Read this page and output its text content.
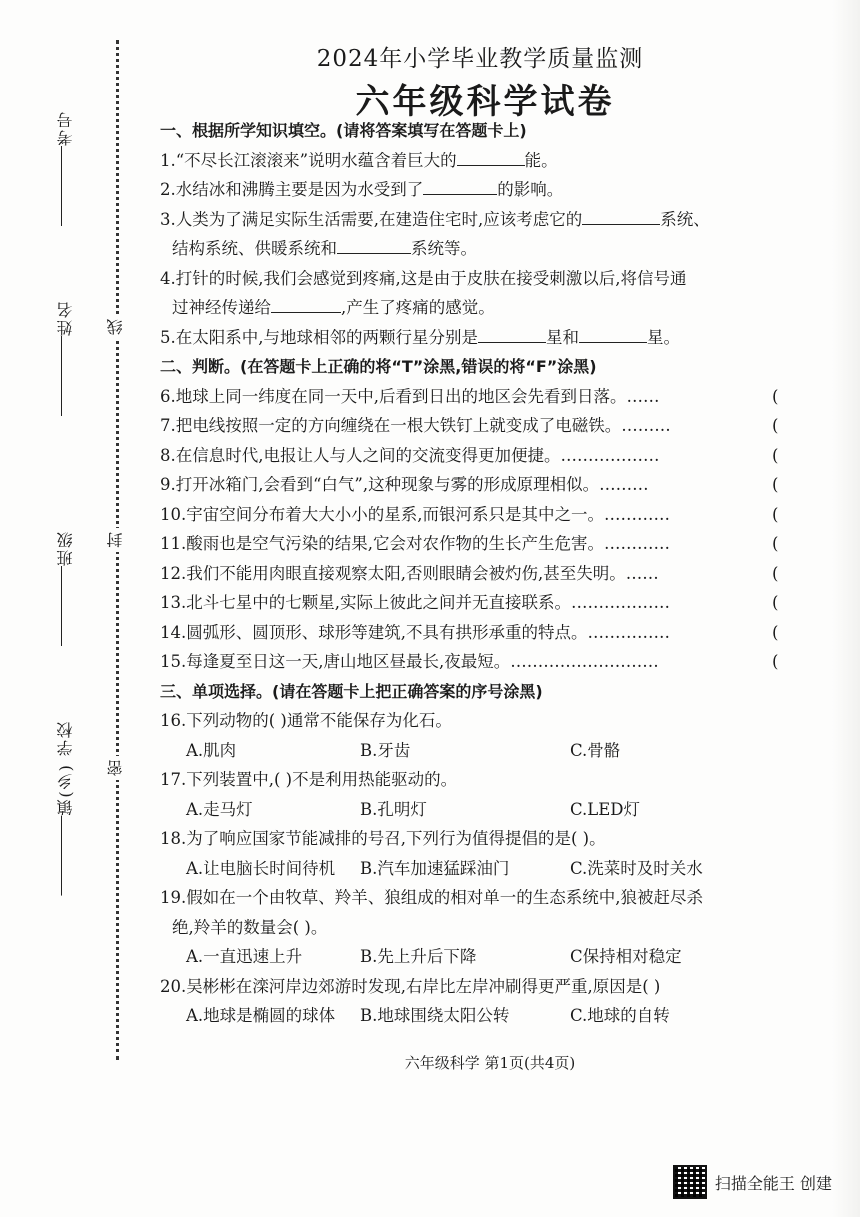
考号
姓名
班级
镇(乡) 学校
线
封
密
2024年小学毕业教学质量监测
六年级科学试卷
一、根据所学知识填空。(请将答案填写在答题卡上)
1.“不尽长江滚滚来”说明水蕴含着巨大的	能。
2.水结冰和沸腾主要是因为水受到了	的影响。
3.人类为了满足实际生活需要,在建造住宅时,应该考虑它的	系统、
结构系统、供暖系统和	系统等。
4.打针的时候,我们会感觉到疼痛,这是由于皮肤在接受刺激以后,将信号通
过神经传递给	,产生了疼痛的感觉。
5.在太阳系中,与地球相邻的两颗行星分别是	星和	星。
二、判断。(在答题卡上正确的将“T”涂黑,错误的将“F”涂黑)
6.地球上同一纬度在同一天中,后看到日出的地区会先看到日落。……	(
7.把电线按照一定的方向缠绕在一根大铁钉上就变成了电磁铁。………	(
8.在信息时代,电报让人与人之间的交流变得更加便捷。………………	(
9.打开冰箱门,会看到“白气”,这种现象与雾的形成原理相似。………	(
10.宇宙空间分布着大大小小的星系,而银河系只是其中之一。…………	(
11.酸雨也是空气污染的结果,它会对农作物的生长产生危害。…………	(
12.我们不能用肉眼直接观察太阳,否则眼睛会被灼伤,甚至失明。……	(
13.北斗七星中的七颗星,实际上彼此之间并无直接联系。………………	(
14.圆弧形、圆顶形、球形等建筑,不具有拱形承重的特点。……………	(
15.每逢夏至日这一天,唐山地区昼最长,夜最短。………………………	(
三、单项选择。(请在答题卡上把正确答案的序号涂黑)
16.下列动物的( )通常不能保存为化石。
A.肌肉	B.牙齿	C.骨骼
17.下列装置中,( )不是利用热能驱动的。
A.走马灯	B.孔明灯	C.LED灯
18.为了响应国家节能减排的号召,下列行为值得提倡的是( )。
A.让电脑长时间待机 B.汽车加速猛踩油门	C.洗菜时及时关水
19.假如在一个由牧草、羚羊、狼组成的相对单一的生态系统中,狼被赶尽杀
绝,羚羊的数量会( )。
A.一直迅速上升	B.先上升后下降	C保持相对稳定
20.吴彬彬在滦河岸边郊游时发现,右岸比左岸冲刷得更严重,原因是( )
A.地球是椭圆的球体 B.地球围绕太阳公转	C.地球的自转
六年级科学 第1页(共4页)
扫描全能王 创建
